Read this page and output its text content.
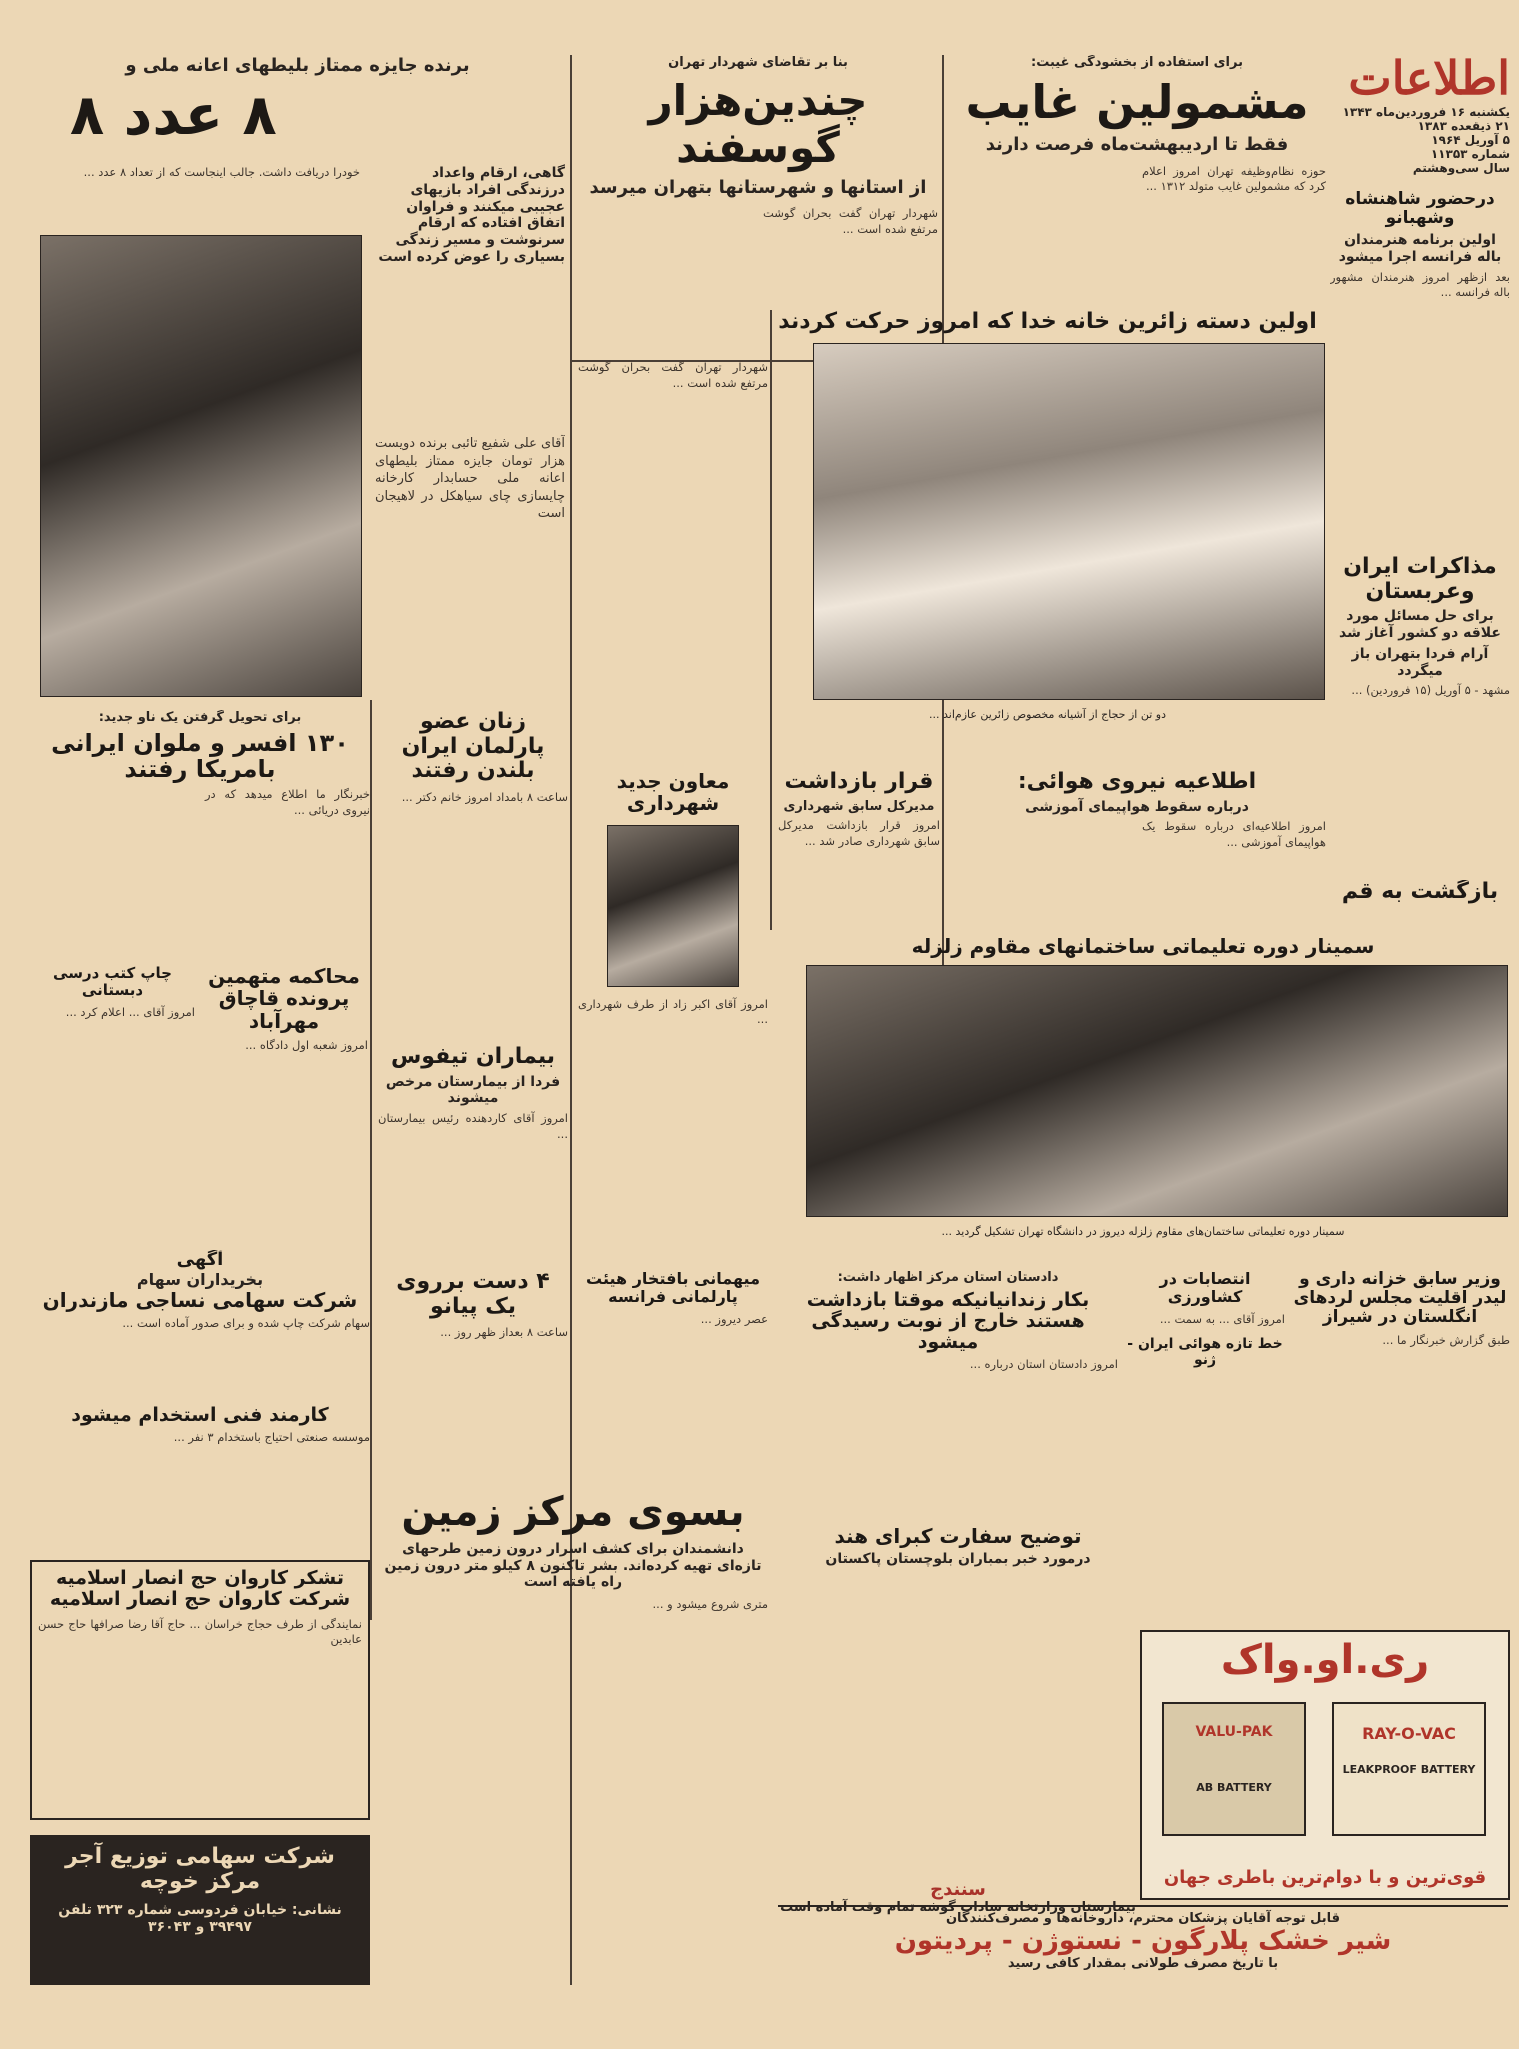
اطلاعات
یکشنبه ۱۶ فروردین‌ماه ۱۳۴۳
۲۱ ذیقعده ۱۳۸۳
۵ آوریل ۱۹۶۴
شماره ۱۱۳۵۳
سال سی‌وهشتم
برای استفاده از بخشودگی غیبت:
مشمولین غایب
فقط تا اردیبهشت‌ماه فرصت دارند
حوزه نظام‌وظیفه تهران امروز اعلام کرد که مشمولین غایب متولد ۱۳۱۲ ...
بنا بر تقاضای شهردار تهران
چندین‌هزار گوسفند
از استانها و شهرستانها بتهران میرسد
شهردار تهران گفت بحران گوشت مرتفع شده است ...
برنده جایزه ممتاز بلیطهای اعانه ملی و
۸ عدد ۸
خودرا دریافت داشت. جالب اینجاست که از تعداد ۸ عدد ...	گاهی، ارقام واعداد درزندگی افراد بازیهای عجیبی میکنند و فراوان اتفاق افتاده که ارقام سرنوشت و مسیر زندگی بسیاری را عوض کرده است
آقای علی شفیع تائبی برنده دویست هزار تومان جایزه ممتاز بلیطهای اعانه ملی حسابدار کارخانه چایسازی چای سیاهکل در لاهیجان است
درحضور شاهنشاه وشهبانو
اولین برنامه هنرمندان باله فرانسه اجرا میشود
بعد ازظهر امروز هنرمندان مشهور باله فرانسه ...
اولین دسته زائرین خانه خدا که امروز حرکت کردند
دو تن از حجاج از آشیانه مخصوص زائرین عازم‌اند ...
شهردار تهران گفت بحران گوشت مرتفع شده است ...
مذاکرات ایران وعربستان
برای حل مسائل مورد علاقه دو کشور آغاز شد
آرام فردا بتهران باز میگردد
مشهد - ۵ آوریل (۱۵ فروردین) ...
بازگشت به قم
اطلاعیه نیروی هوائی:
درباره سقوط هواپیمای آموزشی
امروز اطلاعیه‌ای درباره سقوط یک هواپیمای آموزشی ...
قرار بازداشت
مدیرکل سابق شهرداری
امروز قرار بازداشت مدیرکل سابق شهرداری صادر شد ...
معاون جدید شهرداری
امروز آقای اکبر زاد از طرف شهرداری ...
سمینار دوره تعلیماتی ساختمانهای مقاوم زلزله
سمینار دوره تعلیماتی ساختمان‌های مقاوم زلزله دیروز در دانشگاه تهران تشکیل گردید ...
برای تحویل گرفتن یک ناو جدید:
۱۳۰ افسر و ملوان ایرانی بامریکا رفتند
خبرنگار ما اطلاع میدهد که در نیروی دریائی ...
زنان عضو پارلمان ایران بلندن رفتند
ساعت ۸ بامداد امروز خانم دکتر ...
محاکمه متهمین پرونده قاچاق مهرآباد
امروز شعبه اول دادگاه ...
چاپ کتب درسی دبستانی
امروز آقای ... اعلام کرد ...
بیماران تیفوس
فردا از بیمارستان مرخص میشوند
امروز آقای کاردهنده رئیس بیمارستان ...
آگهی
بخریداران سهام
شرکت سهامی نساجی مازندران
سهام شرکت چاپ شده و برای صدور آماده است ...
۴ دست برروی یک پیانو
ساعت ۸ بعداز ظهر روز ...
میهمانی بافتخار هیئت پارلمانی فرانسه
عصر دیروز ...
دادستان استان مرکز اظهار داشت:
بکار زندانیانیکه موقتا بازداشت هستند خارج از نوبت رسیدگی میشود
امروز دادستان استان درباره ...
انتصابات در کشاورزی
امروز آقای ... به سمت ...
خط تازه هوائی ایران - ژنو
وزیر سابق خزانه داری و لیدر اقلیت مجلس لردهای انگلستان در شیراز
طبق گزارش خبرنگار ما ...
کارمند فنی استخدام میشود
موسسه صنعتی احتیاج باستخدام ۳ نفر ...
بسوی مرکز زمین
دانشمندان برای کشف اسرار درون زمین طرحهای تازه‌ای تهیه کرده‌اند. بشر تاکنون ۸ کیلو متر درون زمین راه یافته است
متری شروع میشود و ...
توضیح سفارت کبرای هند
درمورد خبر بمباران بلوچستان پاکستان
سنندج
بیمارستان وزارتخانه سادات گوشه تمام وقت آماده است
تشکر کاروان حج انصار اسلامیه
شرکت کاروان حج انصار اسلامیه
نمایندگی از طرف حجاج خراسان ... حاج آقا رضا صرافها حاج حسن عابدین
شرکت سهامی توزیع آجر مرکز خوچه
نشانی: خیابان فردوسی شماره ۳۲۳ تلفن ۳۹۴۹۷ و ۳۶۰۴۳
ری.او.واک
VALU-PAK
AB BATTERY
RAY-O-VAC
LEAKPROOF BATTERY
قوی‌ترین و با دوام‌ترین باطری جهان
قابل توجه آقایان پزشکان محترم، داروخانه‌ها و مصرف‌کنندگان
شیر خشک پلارگون - نستوژن - پردیتون
با تاریخ مصرف طولانی بمقدار کافی رسید
